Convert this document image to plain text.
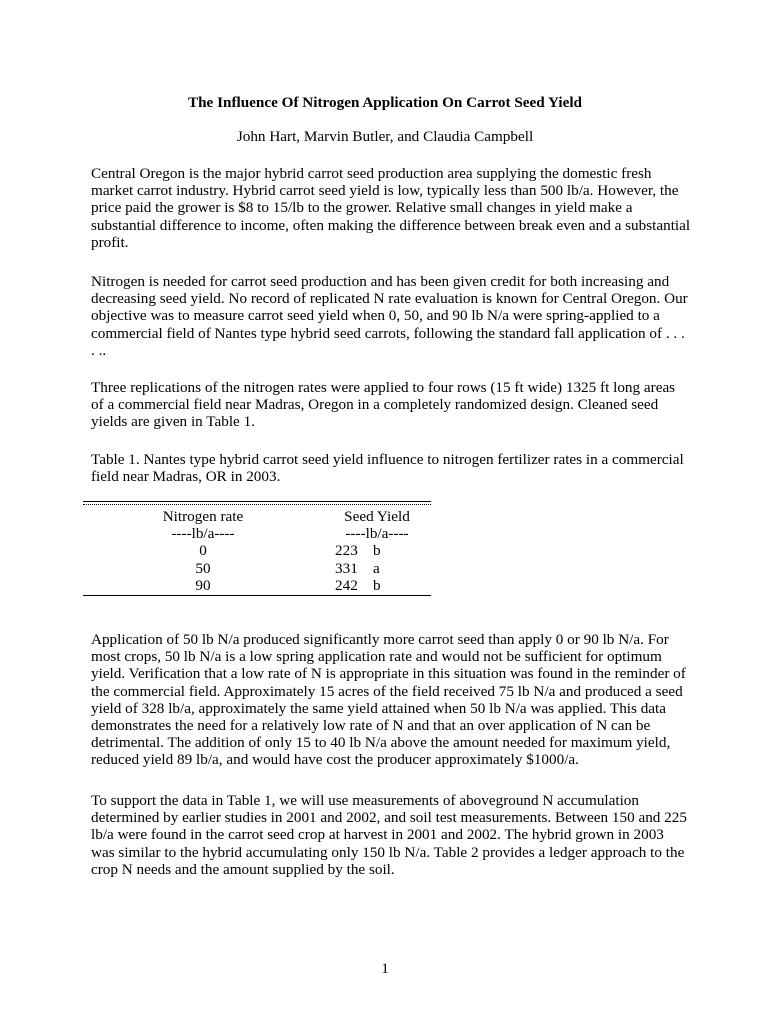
The Influence Of Nitrogen Application On Carrot Seed Yield
John Hart, Marvin Butler, and Claudia Campbell

Central Oregon is the major hybrid carrot seed production area supplying the domestic fresh market carrot industry. Hybrid carrot seed yield is low, typically less than 500 lb/a. However, the price paid the grower is $8 to 15/lb to the grower. Relative small changes in yield make a substantial difference to income, often making the difference between break even and a substantial profit.

Nitrogen is needed for carrot seed production and has been given credit for both increasing and decreasing seed yield. No record of replicated N rate evaluation is known for Central Oregon. Our objective was to measure carrot seed yield when 0, 50, and 90 lb N/a were spring-applied to a commercial field of Nantes type hybrid seed carrots, following the standard fall application of . . . . ..

Three replications of the nitrogen rates were applied to four rows (15 ft wide) 1325 ft long areas of a commercial field near Madras, Oregon in a completely randomized design. Cleaned seed yields are given in Table 1.

Table 1. Nantes type hybrid carrot seed yield influence to nitrogen fertilizer rates in a commercial field near Madras, OR in 2003.

Nitrogen rate	Seed Yield
----lb/a----	----lb/a----
0	223 b
50	331 a
90	242 b

Application of 50 lb N/a produced significantly more carrot seed than apply 0 or 90 lb N/a. For most crops, 50 lb N/a is a low spring application rate and would not be sufficient for optimum yield. Verification that a low rate of N is appropriate in this situation was found in the reminder of the commercial field. Approximately 15 acres of the field received 75 lb N/a and produced a seed yield of 328 lb/a, approximately the same yield attained when 50 lb N/a was applied. This data demonstrates the need for a relatively low rate of N and that an over application of N can be detrimental. The addition of only 15 to 40 lb N/a above the amount needed for maximum yield, reduced yield 89 lb/a, and would have cost the producer approximately $1000/a.

To support the data in Table 1, we will use measurements of aboveground N accumulation determined by earlier studies in 2001 and 2002, and soil test measurements. Between 150 and 225 lb/a were found in the carrot seed crop at harvest in 2001 and 2002. The hybrid grown in 2003 was similar to the hybrid accumulating only 150 lb N/a. Table 2 provides a ledger approach to the crop N needs and the amount supplied by the soil.

1
